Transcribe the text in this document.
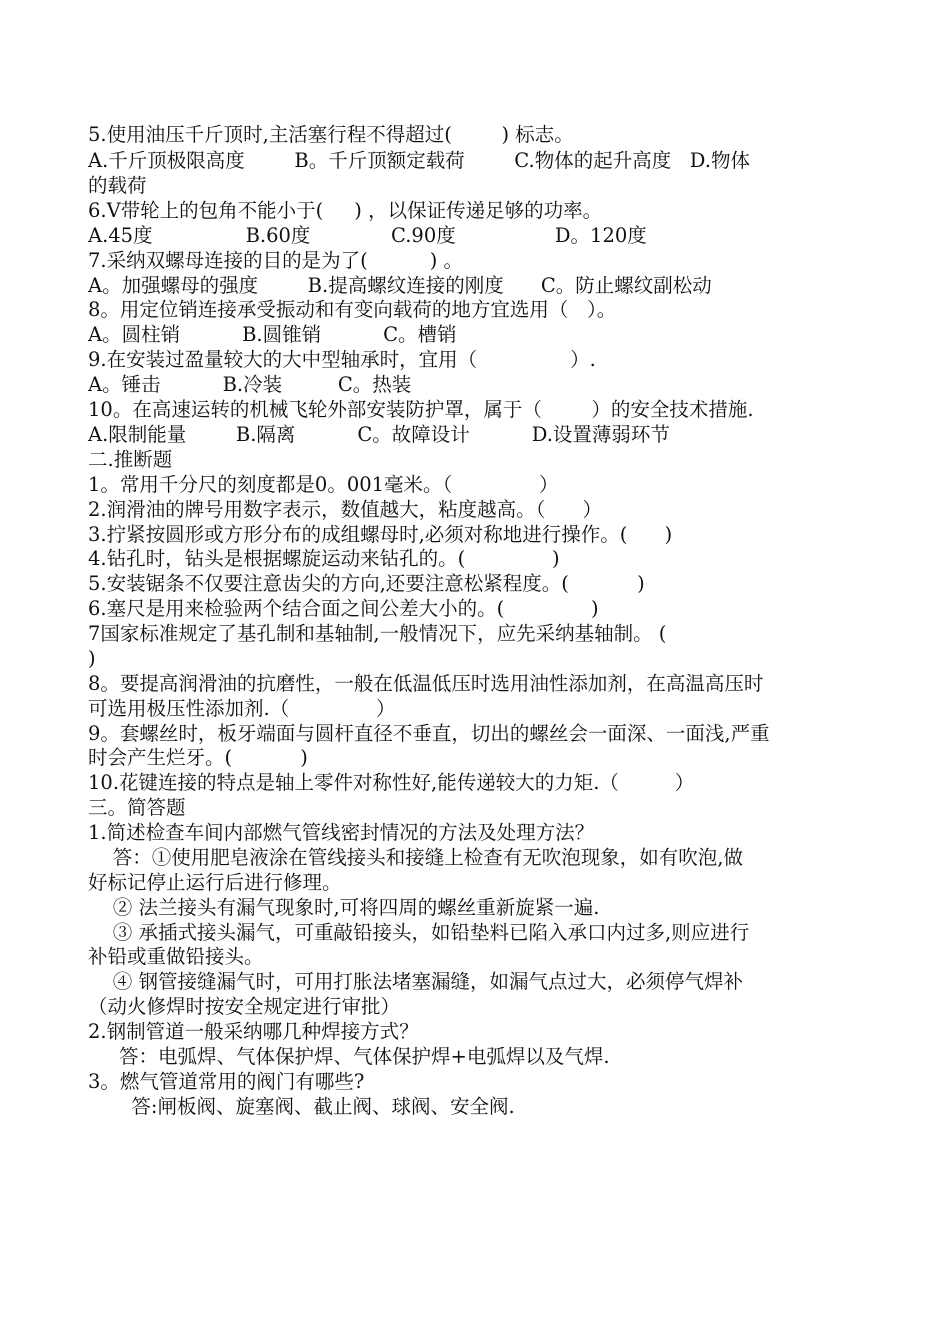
5.使用油压千斤顶时,主活塞行程不得超过(        ) 标志。
A.千斤顶极限高度        B。千斤顶额定载荷        C.物体的起升高度   D.物体
的载荷
6.V带轮上的包角不能小于(     ) ，以保证传递足够的功率。
A.45度               B.60度             C.90度                D。120度
7.采纳双螺母连接的目的是为了(          ) 。
A。加强螺母的强度        B.提高螺纹连接的刚度      C。防止螺纹副松动
8。用定位销连接承受振动和有变向载荷的地方宜选用（   ）。
A。圆柱销          B.圆锥销          C。槽销
9.在安装过盈量较大的大中型轴承时，宜用（               ）.
A。锤击          B.冷装         C。热装
10。在高速运转的机械飞轮外部安装防护罩，属于（        ）的安全技术措施.
A.限制能量        B.隔离          C。故障设计          D.设置薄弱环节
二.推断题
1。常用千分尺的刻度都是0。001毫米。（              ）
2.润滑油的牌号用数字表示，数值越大，粘度越高。（      ）
3.拧紧按圆形或方形分布的成组螺母时,必须对称地进行操作。(      )
4.钻孔时，钻头是根据螺旋运动来钻孔的。(              )
5.安装锯条不仅要注意齿尖的方向,还要注意松紧程度。(           )
6.塞尺是用来检验两个结合面之间公差大小的。(              )
7国家标准规定了基孔制和基轴制,一般情况下，应先采纳基轴制。 (
)
8。要提高润滑油的抗磨性，一般在低温低压时选用油性添加剂，在高温高压时
可选用极压性添加剂.（              ）
9。套螺丝时，板牙端面与圆杆直径不垂直，切出的螺丝会一面深、一面浅,严重
时会产生烂牙。(           )
10.花键连接的特点是轴上零件对称性好,能传递较大的力矩.（         ）
三。简答题
1.简述检查车间内部燃气管线密封情况的方法及处理方法？
答：①使用肥皂液涂在管线接头和接缝上检查有无吹泡现象，如有吹泡,做
好标记停止运行后进行修理。
② 法兰接头有漏气现象时,可将四周的螺丝重新旋紧一遍.
③ 承插式接头漏气，可重敲铅接头，如铅垫料已陷入承口内过多,则应进行
补铅或重做铅接头。
④ 钢管接缝漏气时，可用打胀法堵塞漏缝，如漏气点过大，必须停气焊补
（动火修焊时按安全规定进行审批）
2.钢制管道一般采纳哪几种焊接方式？
答：电弧焊、气体保护焊、气体保护焊+电弧焊以及气焊.
3。燃气管道常用的阀门有哪些?
答:闸板阀、旋塞阀、截止阀、球阀、安全阀.
